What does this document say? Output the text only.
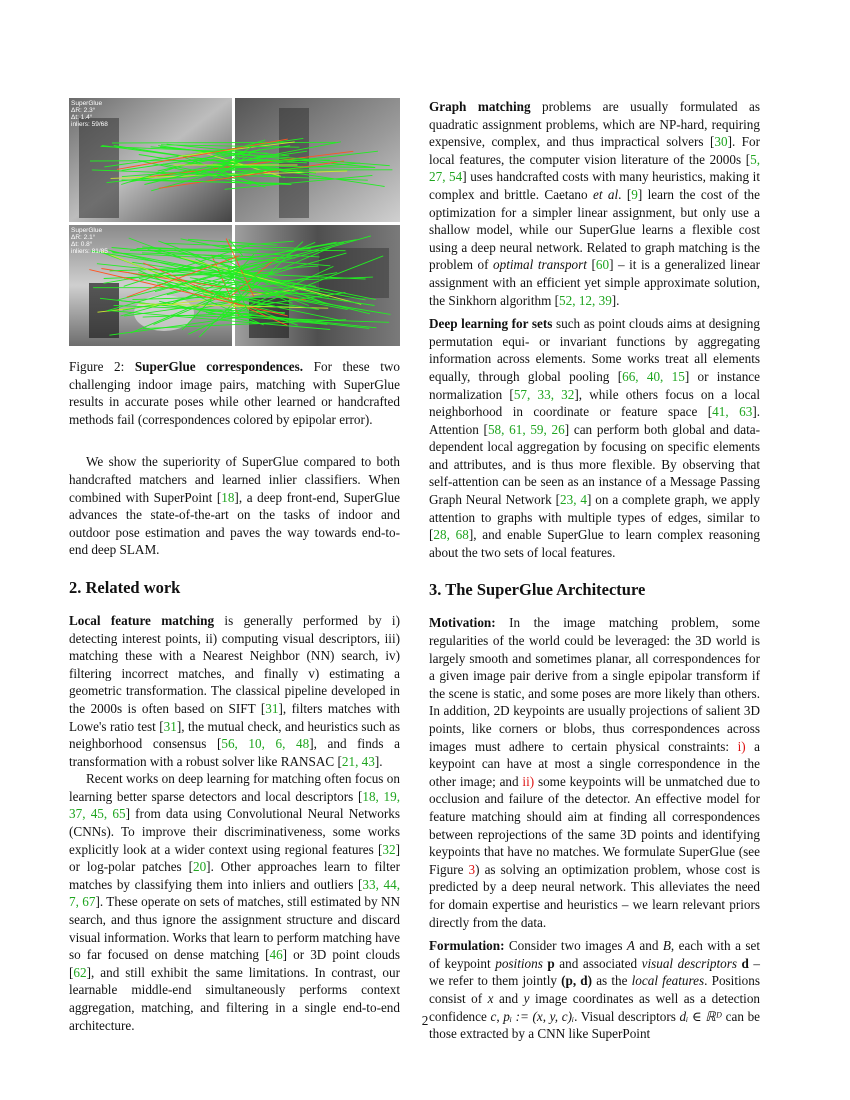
SuperGlue
ΔR: 2.3°
Δt: 1.4°
inliers: 59/68
SuperGlue
ΔR: 2.1°
Δt: 0.8°
inliers: 81/85

Figure 2: SuperGlue correspondences. For these two challenging indoor image pairs, matching with SuperGlue results in accurate poses while other learned or handcrafted methods fail (correspondences colored by epipolar error).

We show the superiority of SuperGlue compared to both handcrafted matchers and learned inlier classifiers. When combined with SuperPoint [18], a deep front-end, SuperGlue advances the state-of-the-art on the tasks of indoor and outdoor pose estimation and paves the way towards end-to-end deep SLAM.

2. Related work

Local feature matching is generally performed by i) detecting interest points, ii) computing visual descriptors, iii) matching these with a Nearest Neighbor (NN) search, iv) filtering incorrect matches, and finally v) estimating a geometric transformation. The classical pipeline developed in the 2000s is often based on SIFT [31], filters matches with Lowe's ratio test [31], the mutual check, and heuristics such as neighborhood consensus [56, 10, 6, 48], and finds a transformation with a robust solver like RANSAC [21, 43].

Recent works on deep learning for matching often focus on learning better sparse detectors and local descriptors [18, 19, 37, 45, 65] from data using Convolutional Neural Networks (CNNs). To improve their discriminativeness, some works explicitly look at a wider context using regional features [32] or log-polar patches [20]. Other approaches learn to filter matches by classifying them into inliers and outliers [33, 44, 7, 67]. These operate on sets of matches, still estimated by NN search, and thus ignore the assignment structure and discard visual information. Works that learn to perform matching have so far focused on dense matching [46] or 3D point clouds [62], and still exhibit the same limitations. In contrast, our learnable middle-end simultaneously performs context aggregation, matching, and filtering in a single end-to-end architecture.

Graph matching problems are usually formulated as quadratic assignment problems, which are NP-hard, requiring expensive, complex, and thus impractical solvers [30]. For local features, the computer vision literature of the 2000s [5, 27, 54] uses handcrafted costs with many heuristics, making it complex and brittle. Caetano et al. [9] learn the cost of the optimization for a simpler linear assignment, but only use a shallow model, while our SuperGlue learns a flexible cost using a deep neural network. Related to graph matching is the problem of optimal transport [60] – it is a generalized linear assignment with an efficient yet simple approximate solution, the Sinkhorn algorithm [52, 12, 39].

Deep learning for sets such as point clouds aims at designing permutation equi- or invariant functions by aggregating information across elements. Some works treat all elements equally, through global pooling [66, 40, 15] or instance normalization [57, 33, 32], while others focus on a local neighborhood in coordinate or feature space [41, 63]. Attention [58, 61, 59, 26] can perform both global and data-dependent local aggregation by focusing on specific elements and attributes, and is thus more flexible. By observing that self-attention can be seen as an instance of a Message Passing Graph Neural Network [23, 4] on a complete graph, we apply attention to graphs with multiple types of edges, similar to [28, 68], and enable SuperGlue to learn complex reasoning about the two sets of local features.

3. The SuperGlue Architecture

Motivation: In the image matching problem, some regularities of the world could be leveraged: the 3D world is largely smooth and sometimes planar, all correspondences for a given image pair derive from a single epipolar transform if the scene is static, and some poses are more likely than others. In addition, 2D keypoints are usually projections of salient 3D points, like corners or blobs, thus correspondences across images must adhere to certain physical constraints: i) a keypoint can have at most a single correspondence in the other image; and ii) some keypoints will be unmatched due to occlusion and failure of the detector. An effective model for feature matching should aim at finding all correspondences between reprojections of the same 3D points and identifying keypoints that have no matches. We formulate SuperGlue (see Figure 3) as solving an optimization problem, whose cost is predicted by a deep neural network. This alleviates the need for domain expertise and heuristics – we learn relevant priors directly from the data.

Formulation: Consider two images A and B, each with a set of keypoint positions p and associated visual descriptors d – we refer to them jointly (p, d) as the local features. Positions consist of x and y image coordinates as well as a detection confidence c, pᵢ := (x, y, c)ᵢ. Visual descriptors dᵢ ∈ ℝᴰ can be those extracted by a CNN like SuperPoint

2
